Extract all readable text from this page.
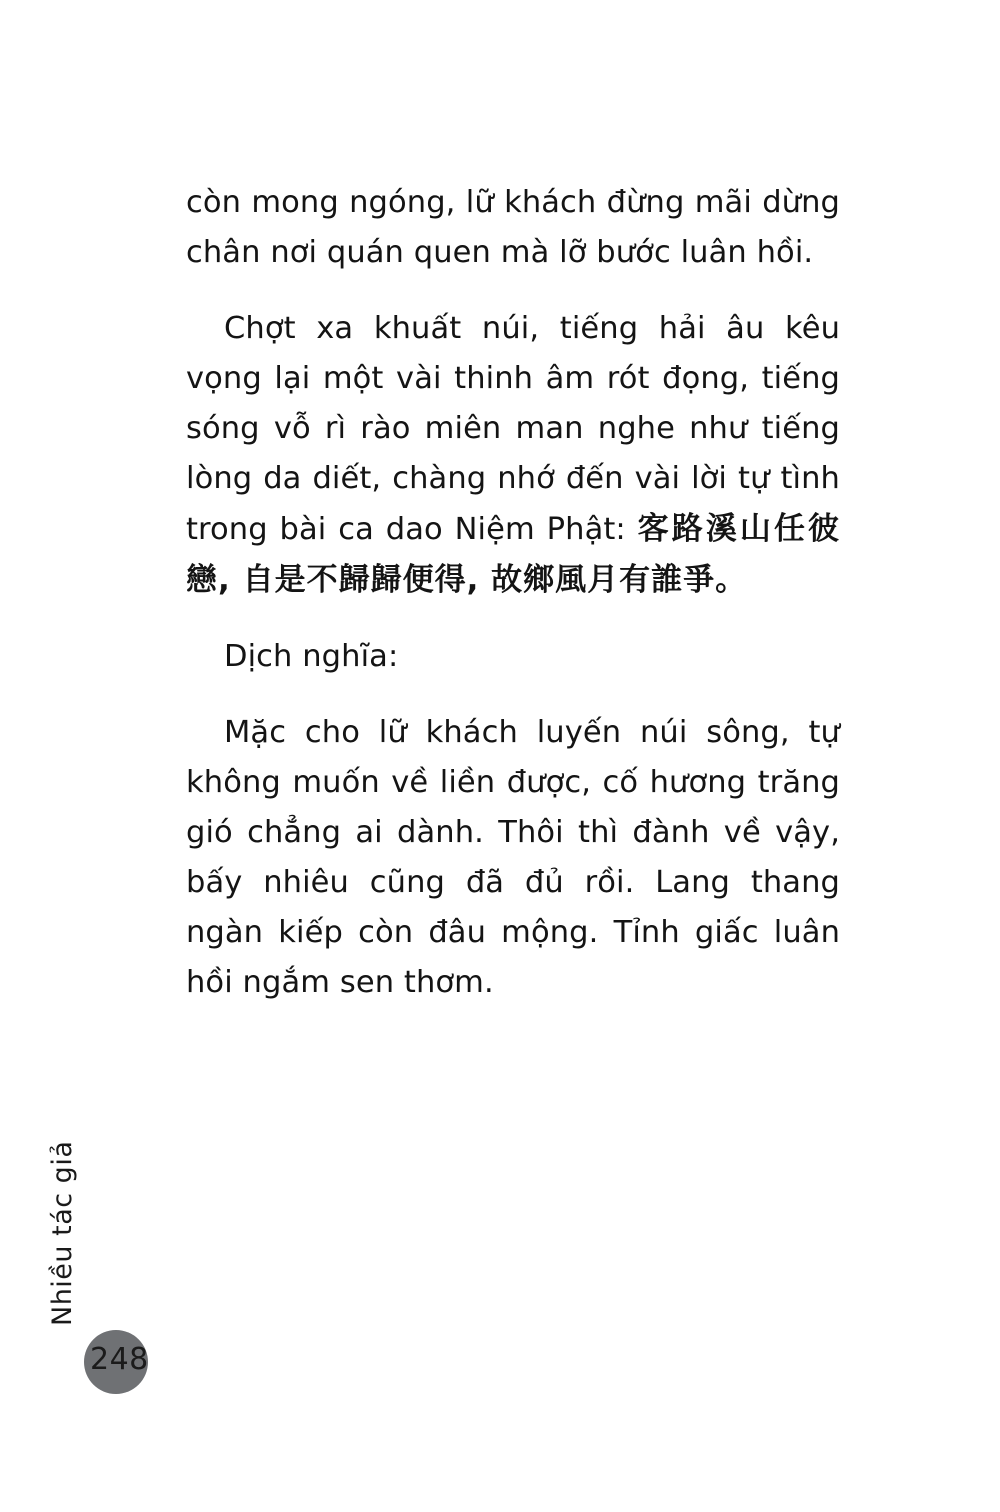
còn mong ngóng, lữ khách đừng mãi dừng chân nơi quán quen mà lỡ bước luân hồi.

Chợt xa khuất núi, tiếng hải âu kêu vọng lại một vài thinh âm rót đọng, tiếng sóng vỗ rì rào miên man nghe như tiếng lòng da diết, chàng nhớ đến vài lời tự tình trong bài ca dao Niệm Phật: 客路溪山任彼戀, 自是不歸歸便得, 故鄉風月有誰爭。

Dịch nghĩa:

Mặc cho lữ khách luyến núi sông, tự không muốn về liền được, cố hương trăng gió chẳng ai dành. Thôi thì đành về vậy, bấy nhiêu cũng đã đủ rồi. Lang thang ngàn kiếp còn đâu mộng. Tỉnh giấc luân hồi ngắm sen thơm.

Nhiều tác giả
248
